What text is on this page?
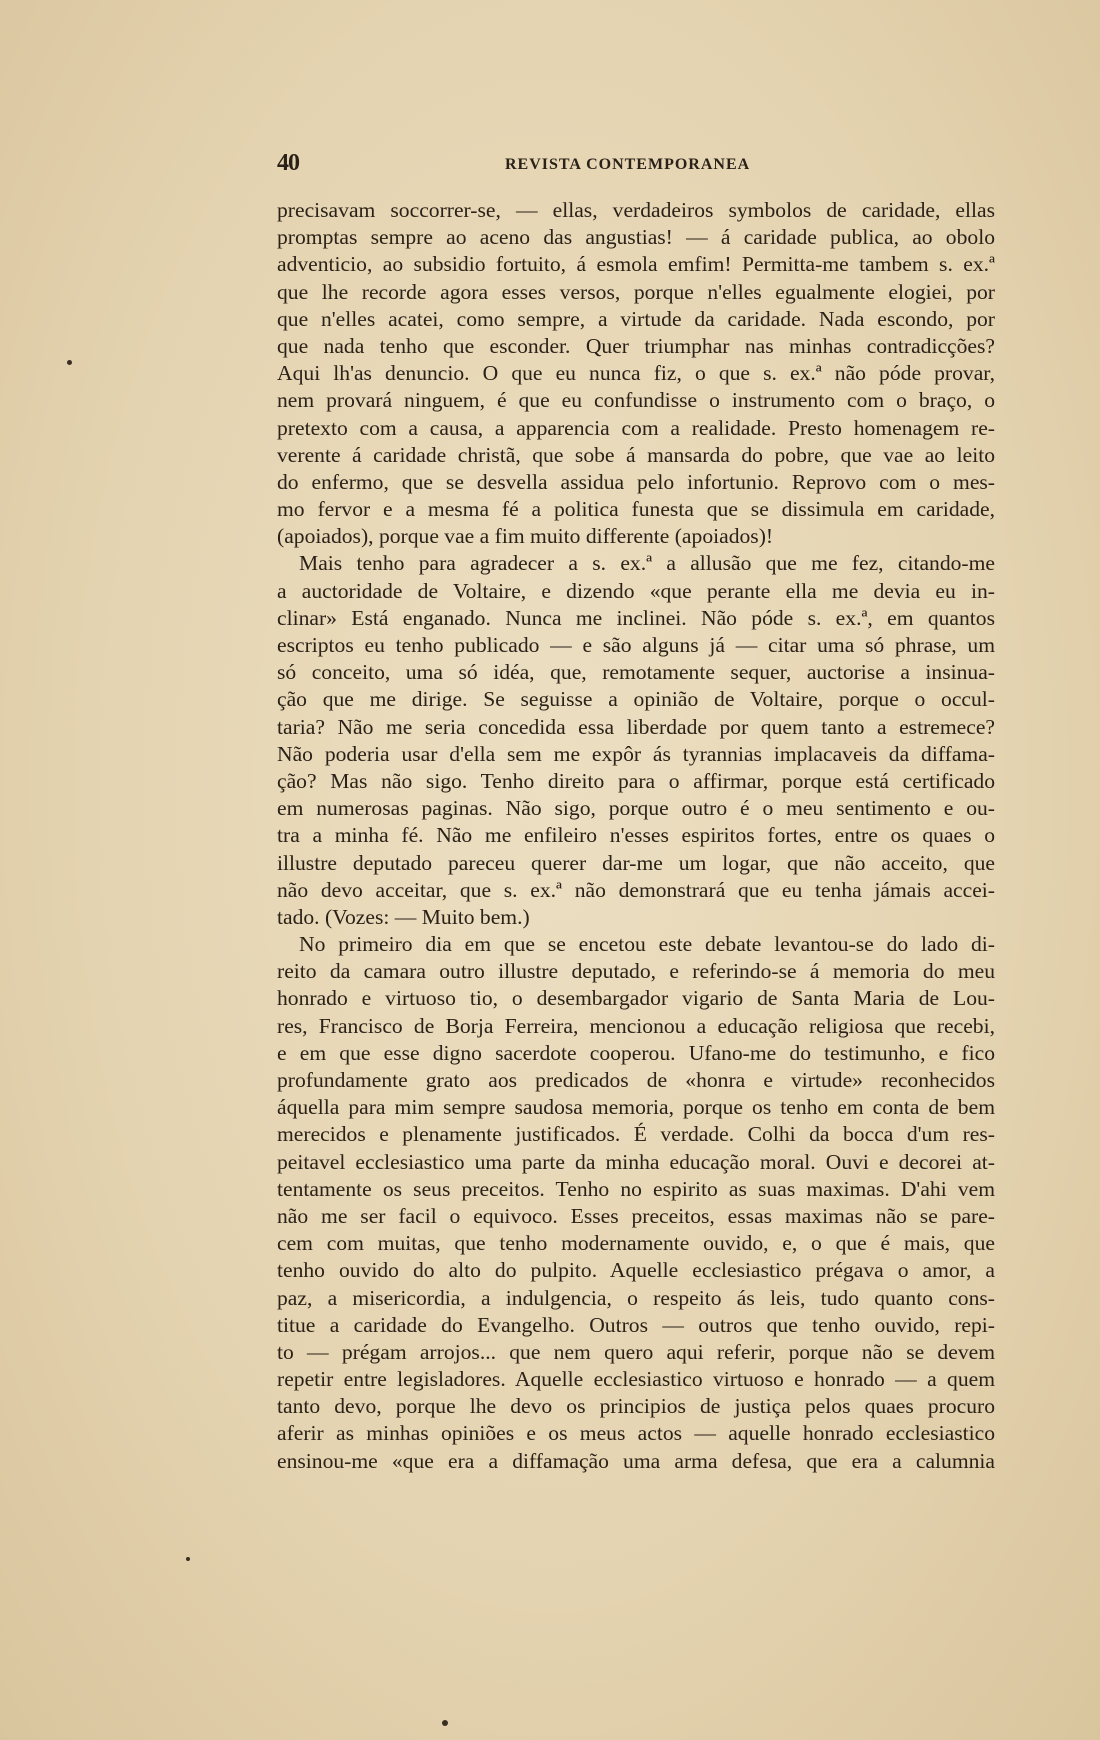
40	REVISTA CONTEMPORANEA
precisavam soccorrer-se, — ellas, verdadeiros symbolos de caridade, ellas
promptas sempre ao aceno das angustias! — á caridade publica, ao obolo
adventicio, ao subsidio fortuito, á esmola emfim! Permitta-me tambem s. ex.ª
que lhe recorde agora esses versos, porque n'elles egualmente elogiei, por
que n'elles acatei, como sempre, a virtude da caridade. Nada escondo, por
que nada tenho que esconder. Quer triumphar nas minhas contradicções?
Aqui lh'as denuncio. O que eu nunca fiz, o que s. ex.ª não póde provar,
nem provará ninguem, é que eu confundisse o instrumento com o braço, o
pretexto com a causa, a apparencia com a realidade. Presto homenagem re-
verente á caridade christã, que sobe á mansarda do pobre, que vae ao leito
do enfermo, que se desvella assidua pelo infortunio. Reprovo com o mes-
mo fervor e a mesma fé a politica funesta que se dissimula em caridade,
(apoiados), porque vae a fim muito differente (apoiados)!
Mais tenho para agradecer a s. ex.ª a allusão que me fez, citando-me
a auctoridade de Voltaire, e dizendo «que perante ella me devia eu in-
clinar» Está enganado. Nunca me inclinei. Não póde s. ex.ª, em quantos
escriptos eu tenho publicado — e são alguns já — citar uma só phrase, um
só conceito, uma só idéa, que, remotamente sequer, auctorise a insinua-
ção que me dirige. Se seguisse a opinião de Voltaire, porque o occul-
taria? Não me seria concedida essa liberdade por quem tanto a estremece?
Não poderia usar d'ella sem me expôr ás tyrannias implacaveis da diffama-
ção? Mas não sigo. Tenho direito para o affirmar, porque está certificado
em numerosas paginas. Não sigo, porque outro é o meu sentimento e ou-
tra a minha fé. Não me enfileiro n'esses espiritos fortes, entre os quaes o
illustre deputado pareceu querer dar-me um logar, que não acceito, que
não devo acceitar, que s. ex.ª não demonstrará que eu tenha jámais accei-
tado. (Vozes: — Muito bem.)
No primeiro dia em que se encetou este debate levantou-se do lado di-
reito da camara outro illustre deputado, e referindo-se á memoria do meu
honrado e virtuoso tio, o desembargador vigario de Santa Maria de Lou-
res, Francisco de Borja Ferreira, mencionou a educação religiosa que recebi,
e em que esse digno sacerdote cooperou. Ufano-me do testimunho, e fico
profundamente grato aos predicados de «honra e virtude» reconhecidos
áquella para mim sempre saudosa memoria, porque os tenho em conta de bem
merecidos e plenamente justificados. É verdade. Colhi da bocca d'um res-
peitavel ecclesiastico uma parte da minha educação moral. Ouvi e decorei at-
tentamente os seus preceitos. Tenho no espirito as suas maximas. D'ahi vem
não me ser facil o equivoco. Esses preceitos, essas maximas não se pare-
cem com muitas, que tenho modernamente ouvido, e, o que é mais, que
tenho ouvido do alto do pulpito. Aquelle ecclesiastico prégava o amor, a
paz, a misericordia, a indulgencia, o respeito ás leis, tudo quanto cons-
titue a caridade do Evangelho. Outros — outros que tenho ouvido, repi-
to — prégam arrojos... que nem quero aqui referir, porque não se devem
repetir entre legisladores. Aquelle ecclesiastico virtuoso e honrado — a quem
tanto devo, porque lhe devo os principios de justiça pelos quaes procuro
aferir as minhas opiniões e os meus actos — aquelle honrado ecclesiastico
ensinou-me «que era a diffamação uma arma defesa, que era a calumnia
